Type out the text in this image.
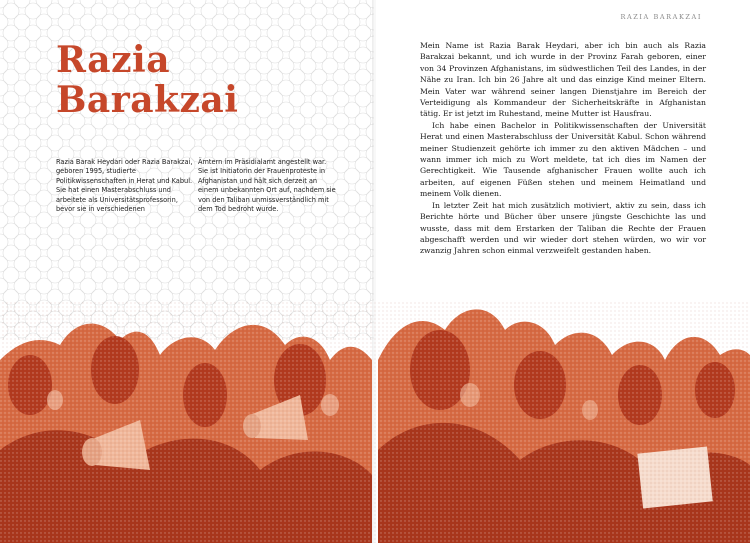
Razia
Barakzai

Razia Barak Heydari oder Razia Barakzai, geboren 1995, studierte Politikwissenschaften in Herat und Kabul. Sie hat einen Masterabschluss und arbeitete als Universitätsprofessorin, bevor sie in verschiedenen

Ämtern im Präsidialamt angestellt war. Sie ist Initiatorin der Frauenproteste in Afghanistan und hält sich derzeit an einem unbekannten Ort auf, nachdem sie von den Taliban unmissverständlich mit dem Tod bedroht wurde.

RAZIA BARAKZAI

Mein Name ist Razia Barak Heydari, aber ich bin auch als Razia Barakzai bekannt, und ich wurde in der Provinz Farah geboren, einer von 34 Provinzen Afghanistans, im südwestlichen Teil des Landes, in der Nähe zu Iran. Ich bin 26 Jahre alt und das einzige Kind meiner Eltern. Mein Vater war während seiner langen Dienstjahre im Bereich der Verteidigung als Kommandeur der Sicherheitskräfte in Afghanistan tätig. Er ist jetzt im Ruhestand, meine Mutter ist Hausfrau.

Ich habe einen Bachelor in Politikwissenschaften der Universität Herat und einen Masterabschluss der Universität Kabul. Schon während meiner Studienzeit gehörte ich immer zu den aktiven Mädchen – und wann immer ich mich zu Wort meldete, tat ich dies im Namen der Gerechtigkeit. Wie Tausende afghanischer Frauen wollte auch ich arbeiten, auf eigenen Füßen stehen und meinem Heimatland und meinem Volk dienen.

In letzter Zeit hat mich zusätzlich motiviert, aktiv zu sein, dass ich Berichte hörte und Bücher über unsere jüngste Geschichte las und wusste, dass mit dem Erstarken der Taliban die Rechte der Frauen abgeschafft werden und wir wieder dort stehen würden, wo wir vor zwanzig Jahren schon einmal verzweifelt gestanden haben.
